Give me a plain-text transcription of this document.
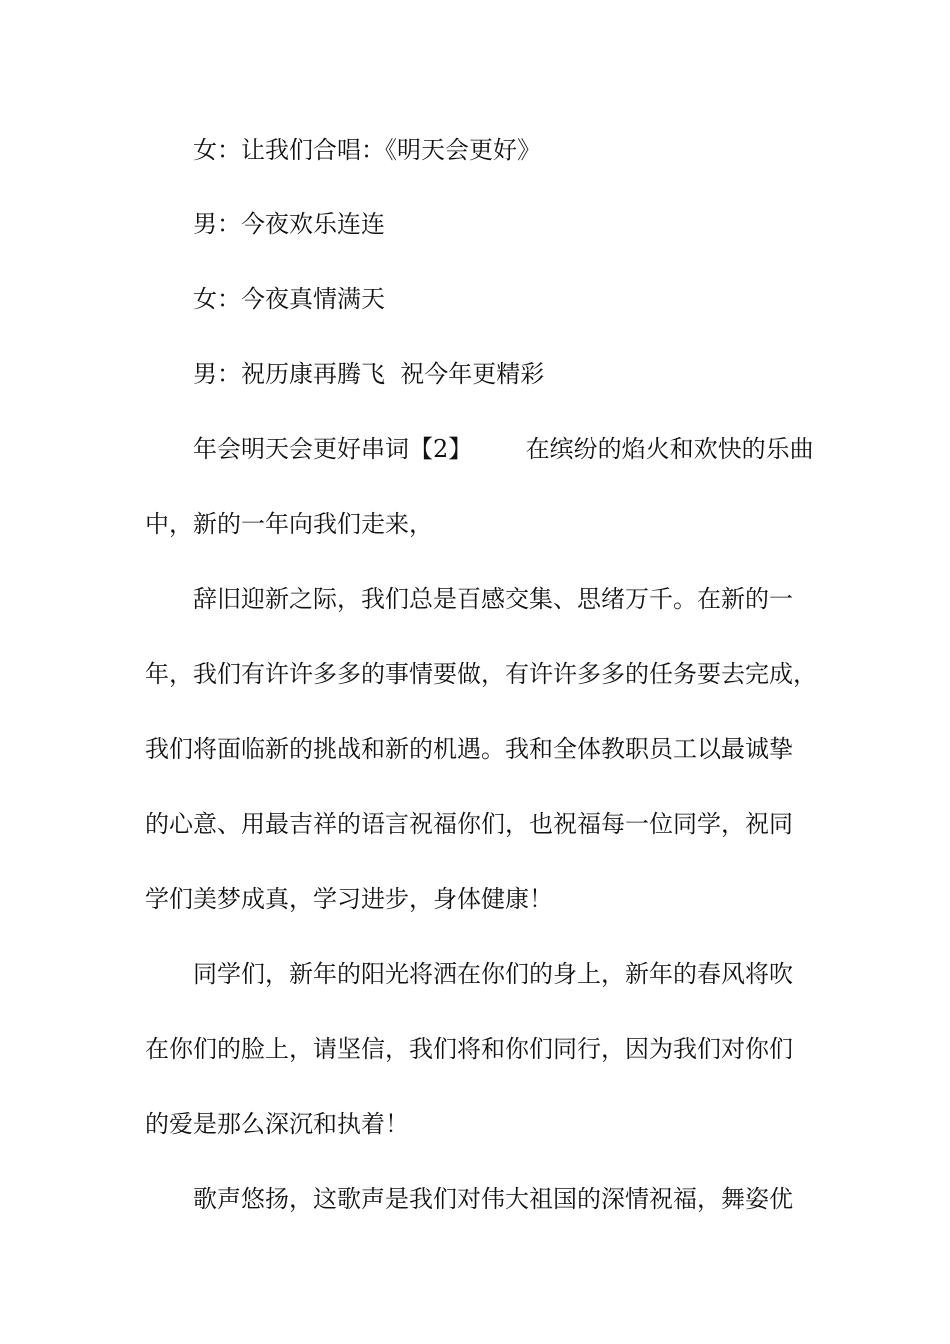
女：让我们合唱：《明天会更好》
男：今夜欢乐连连
女：今夜真情满天
男：祝历康再腾飞  祝今年更精彩
年会明天会更好串词【2】       在缤纷的焰火和欢快的乐曲
中，新的一年向我们走来，
辞旧迎新之际，我们总是百感交集、思绪万千。在新的一
年，我们有许许多多的事情要做，有许许多多的任务要去完成，
我们将面临新的挑战和新的机遇。我和全体教职员工以最诚挚
的心意、用最吉祥的语言祝福你们，也祝福每一位同学，祝同
学们美梦成真，学习进步，身体健康！
同学们，新年的阳光将洒在你们的身上，新年的春风将吹
在你们的脸上，请坚信，我们将和你们同行，因为我们对你们
的爱是那么深沉和执着！
歌声悠扬，这歌声是我们对伟大祖国的深情祝福，舞姿优
